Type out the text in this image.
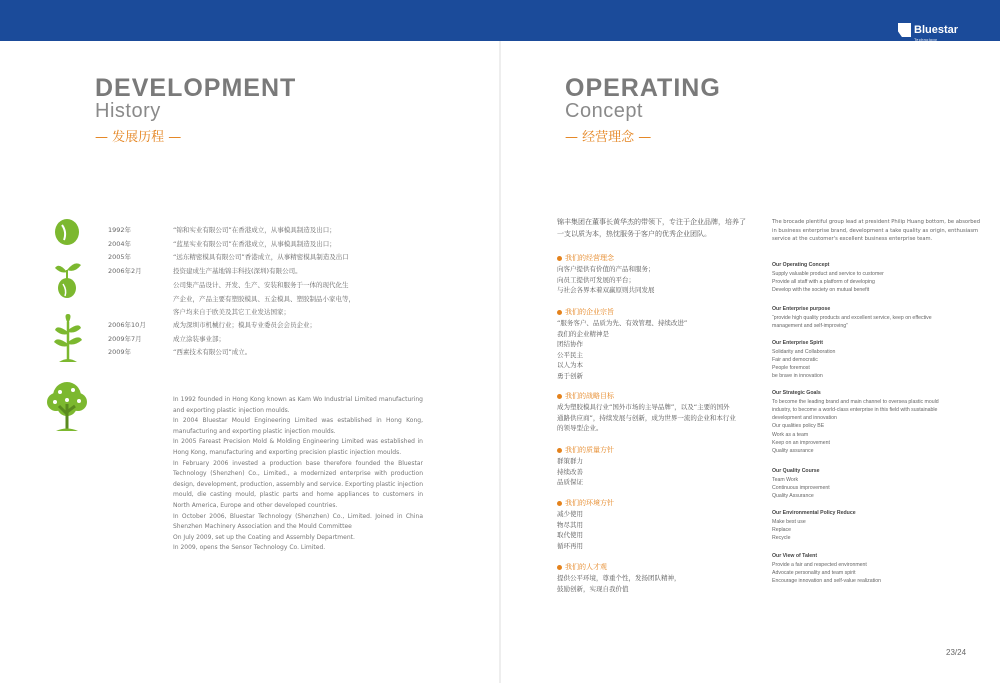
Bluestar
Technology
DEVELOPMENT
History
— 发展历程 —
1992年	“锦和实业有限公司”在香港成立，从事模具制造及出口；
2004年	“蓝星实业有限公司”在香港成立，从事模具制造及出口；
2005年	“远东精密模具有限公司”香港成立，从事精密模具制造及出口
2006年2月	投资建成生产基地锦丰科技(深圳)有限公司。
公司集产品设计、开发、生产、安装和服务于一体的现代化生
产企业，产品主要有塑胶模具、五金模具、塑胶制品小家电等，
客户均来自于欧美及其它工业发达国家；
2006年10月	成为深圳市机械行业；模具专业委员会会员企业；
2009年7月	成立涂装事业部；
2009年	“西素技术有限公司”成立。

In 1992 founded in Hong Kong known as Kam Wo Industrial Limited manufacturing and exporting plastic injection moulds.

In 2004 Bluestar Mould Engineering Limited was established in Hong Kong, manufacturing and exporting plastic injection moulds.

In 2005 Fareast Precision Mold & Molding Engineering Limited was established in Hong Kong, manufacturing and exporting precision plastic injection moulds.

In February 2006 invested a production base therefore founded the Bluestar Technology (Shenzhen) Co., Limited., a modernized enterprise with production design, development, production, assembly and service. Exporting plastic injection mould, die casting mould, plastic parts and home appliances to customers in North America, Europe and other developed countries.

In October 2006, Bluestar Technology (Shenzhen) Co., Limited. Joined in China Shenzhen Machinery Association and the Mould Committee

On July 2009, set up the Coating and Assembly Department.

In 2009, opens the Sensor Technology Co. Limited.

OPERATING
Concept
— 经营理念 —
锦丰集团在董事长黄华杰的带领下，专注于企业品牌，培养了一支以质为本，热忱服务于客户的优秀企业团队。
我们的经营理念
向客户提供有价值的产品和服务；
向员工提供可发展的平台；
与社会各界本着双赢原则共同发展
我们的企业宗旨
“服务客户、品质为先、有效管理、持续改进”
我们的企业精神是
团结协作
公平民主
以人为本
勇于创新
我们的战略目标
成为塑胶模具行业“国外市场的主导品牌”，以及“主要的国外
通路供应商”，持续发展与创新，成为世界一流的企业和本行业
的领导型企业。
我们的质量方针
群策群力
持续改善
品质保证
我们的环境方针
减少使用
物尽其用
取代使用
循环再用
我们的人才观
提供公平环境，尊重个性，发扬团队精神，
鼓励创新，实现自我价值
The brocade plentiful group lead at president Philip Huang bottom, be absorbed in business enterprise brand, development a take quality as origin, enthusiasm service at the customer's excellent business enterprise team.
Our Operating Concept
Supply valuable product and service to customer
Provide all staff with a platform of developing
Develop with the society on mutual benefit
Our Enterprise purpose
“provide high quality products and excellent service, keep on effective
management and self-improving”
Our Enterprise Spirit
Solidarity and Collaboration
Fair and democratic
People foremost
be brave in innovation
Our Strategic Goals
To become the leading brand and main channel to oversea plastic mould
industry, to become a world-class enterprise in this field with sustainable
development and innovation
Our qualities policy BE
Work as a team
Keep on an improvement
Quality assurance
Our Quality Course
Team Work
Continuous improvement
Quality Assurance
Our Environmental Policy Reduce
Make best use
Replace
Recycle
Our View of Talent
Provide a fair and respected environment
Advocate personality and team spirit
Encourage innovation and self-value realization
23/24
